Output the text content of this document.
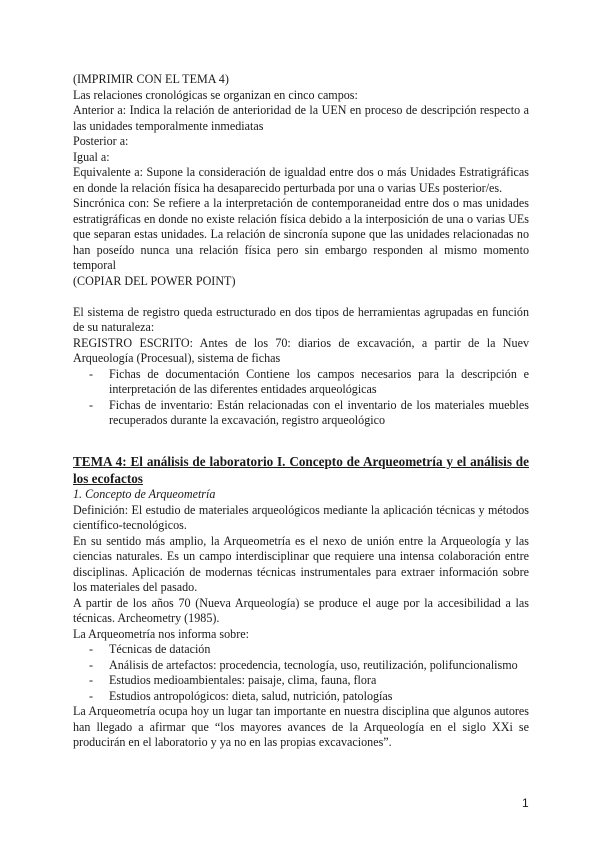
(IMPRIMIR CON EL TEMA 4)

Las relaciones cronológicas se organizan en cinco campos:

Anterior a: Indica la relación de anterioridad de la UEN en proceso de descripción respecto a las unidades temporalmente inmediatas

Posterior a:

Igual a:

Equivalente a: Supone la consideración de igualdad entre dos o más Unidades Estratigráficas en donde la relación física ha desaparecido perturbada por una o varias UEs posterior/es.

Sincrónica con: Se refiere a la interpretación de contemporaneidad entre dos o mas unidades estratigráficas en donde no existe relación física debido a la interposición de una o varias UEs que separan estas unidades. La relación de sincronía supone que las unidades relacionadas no han poseído nunca una relación física pero sin embargo responden al mismo momento temporal

(COPIAR DEL POWER POINT)

El sistema de registro queda estructurado en dos tipos de herramientas agrupadas en función de su naturaleza:

REGISTRO ESCRITO: Antes de los 70: diarios de excavación, a partir de la Nuev Arqueología (Procesual), sistema de fichas

- Fichas de documentación Contiene los campos necesarios para la descripción e interpretación de las diferentes entidades arqueológicas
- Fichas de inventario: Están relacionadas con el inventario de los materiales muebles recuperados durante la excavación, registro arqueológico

TEMA 4: El análisis de laboratorio I. Concepto de Arqueometría y el análisis de los ecofactos

1. Concepto de Arqueometría

Definición: El estudio de materiales arqueológicos mediante la aplicación técnicas y métodos científico-tecnológicos.

En su sentido más amplio, la Arqueometría es el nexo de unión entre la Arqueología y las ciencias naturales. Es un campo interdisciplinar que requiere una intensa colaboración entre disciplinas. Aplicación de modernas técnicas instrumentales para extraer información sobre los materiales del pasado.

A partir de los años 70 (Nueva Arqueología) se produce el auge por la accesibilidad a las técnicas. Archeometry (1985).

La Arqueometría nos informa sobre:

- Técnicas de datación
- Análisis de artefactos: procedencia, tecnología, uso, reutilización, polifuncionalismo
- Estudios medioambientales: paisaje, clima, fauna, flora
- Estudios antropológicos: dieta, salud, nutrición, patologías

La Arqueometría ocupa hoy un lugar tan importante en nuestra disciplina que algunos autores han llegado a afirmar que “los mayores avances de la Arqueología en el siglo XXi se producirán en el laboratorio y ya no en las propias excavaciones”.

1
